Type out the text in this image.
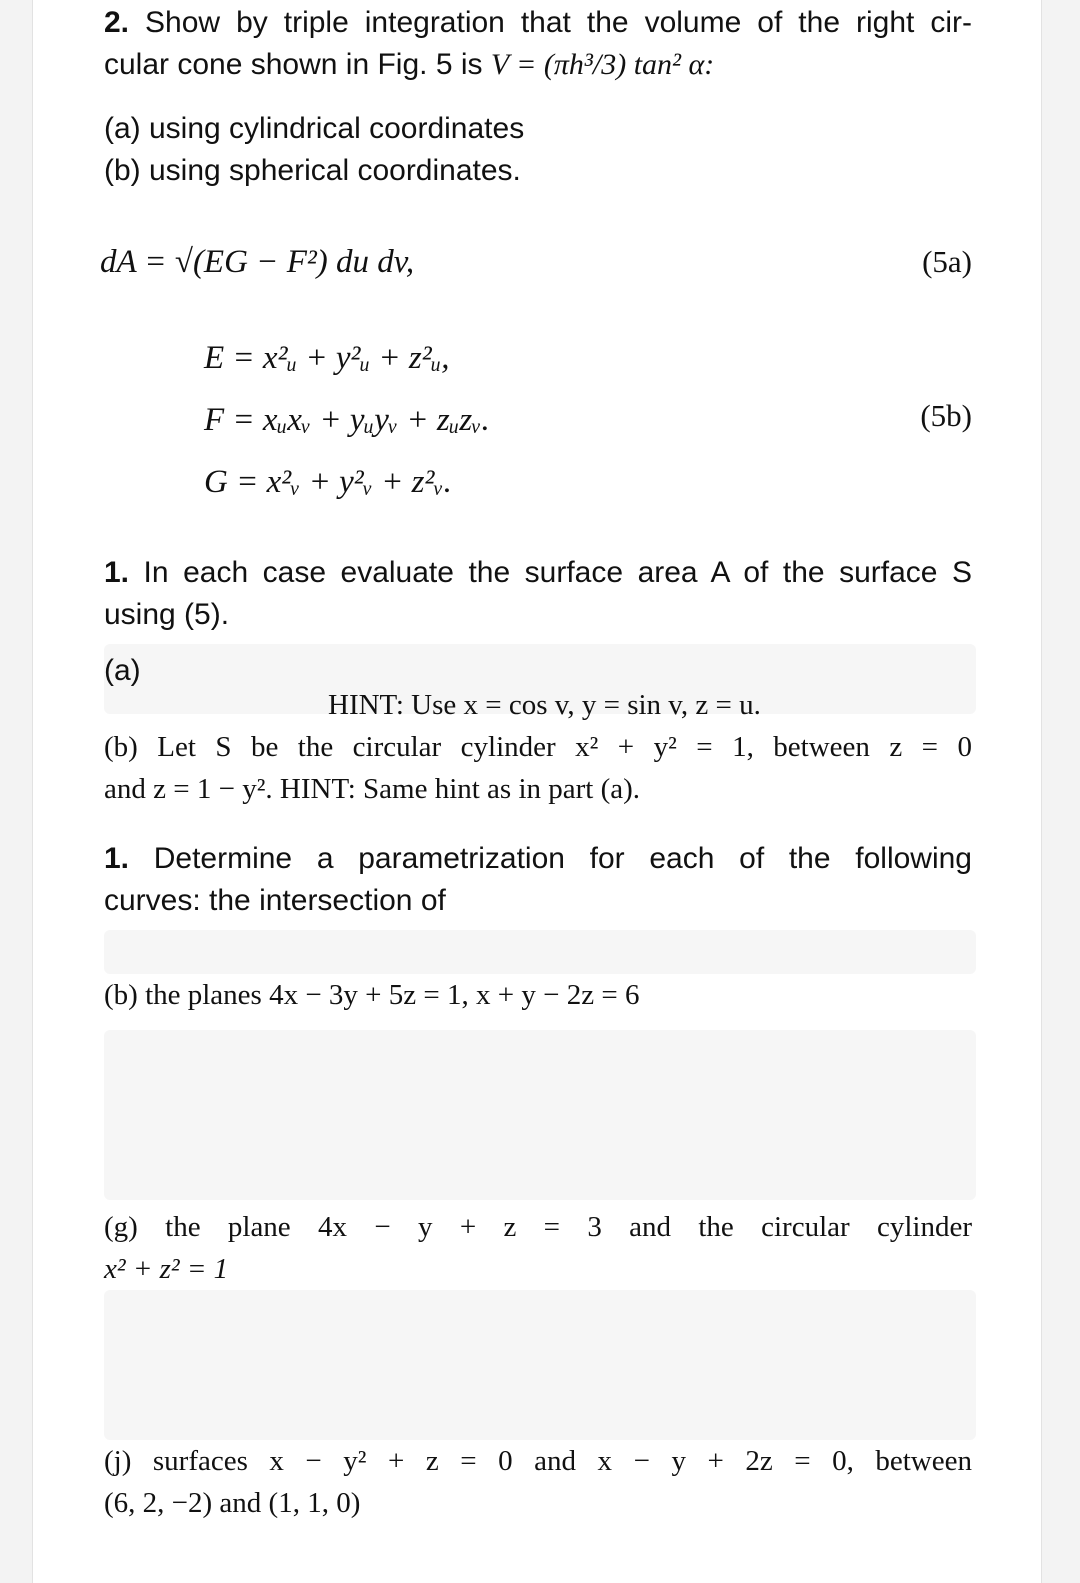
2. Show by triple integration that the volume of the right cir-
cular cone shown in Fig. 5 is V = (πh³/3) tan² α:
(a) using cylindrical coordinates
(b) using spherical coordinates.
dA = √(EG − F²) du dv,	(5a)
E = x²ᵤ + y²ᵤ + z²ᵤ,
F = xᵤxᵥ + yᵤyᵥ + zᵤzᵥ.	(5b)
G = x²ᵥ + y²ᵥ + z²ᵥ.
1. In each case evaluate the surface area A of the surface S
using (5).
(a)
HINT: Use x = cos v, y = sin v, z = u.
(b) Let S be the circular cylinder x² + y² = 1, between z = 0
and z = 1 − y². HINT: Same hint as in part (a).
1. Determine a parametrization for each of the following
curves: the intersection of
(b) the planes 4x − 3y + 5z = 1, x + y − 2z = 6
(g) the plane 4x − y + z = 3 and the circular cylinder
x² + z² = 1
(j) surfaces x − y² + z = 0 and x − y + 2z = 0, between
(6, 2, −2) and (1, 1, 0)
